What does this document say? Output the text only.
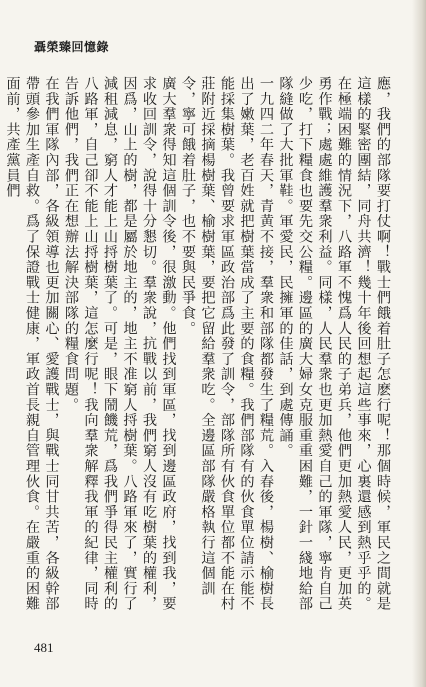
聶榮臻回憶錄

應，我們的部隊要打仗啊！戰士們餓着肚子怎麽行呢！那個時候，軍民之間就是這樣的緊密團結，同舟共濟！幾十年後回想起這些事來，心裏還感到熱乎乎的。在極端困難的情況下，八路軍不愧爲人民的子弟兵，他們更加熱愛人民，更加英勇作戰；處處維護羣衆利益。同樣，人民羣衆也更加熱愛自己的軍隊，寧肯自己少吃，打下糧食也要先交公糧。邊區的廣大婦女克服重重困難，一針一綫地給部隊縫做了大批軍鞋。軍愛民，民擁軍的佳話，到處傳誦。

一九四二年春天，青黄不接，羣衆和部隊都發生了糧荒。入春後，楊樹、榆樹長出了嫩葉，老百姓就把樹葉當成了主要的食糧。我們部隊有的伙食單位請示能不能採集樹葉。我曾要求軍區政治部爲此發了訓令，部隊所有伙食單位都不能在村莊附近採摘楊樹葉、榆樹葉，要把它留給羣衆吃。全邊區部隊嚴格執行這個訓令，寧可餓着肚子，也不要與民爭食。

廣大羣衆得知這個訓令後，很激動。他們找到軍區，找到邊區政府，找到我，要求收回訓令，說得十分懇切。羣衆說，抗戰以前，我們窮人沒有吃樹葉的權利，因爲，山上的樹，都是屬於地主的，地主不准窮人捋樹葉。八路軍來了，實行了減租減息，窮人才能上山捋樹葉了。可是，眼下鬧饑荒，爲我們爭得民主權利的八路軍，自己卻不能上山捋樹葉，這怎麼行呢！我向羣衆解釋我軍的紀律，同時告訴他們，我們正在想辦法解決部隊的糧食問題。

在我們軍隊內部，各級領導也更加關心、愛護戰士，與戰士同甘共苦，各級幹部帶頭參加生產自救。爲了保證戰士健康，軍政首長親自管理伙食。在嚴重的困難面前，共產黨員們

481
